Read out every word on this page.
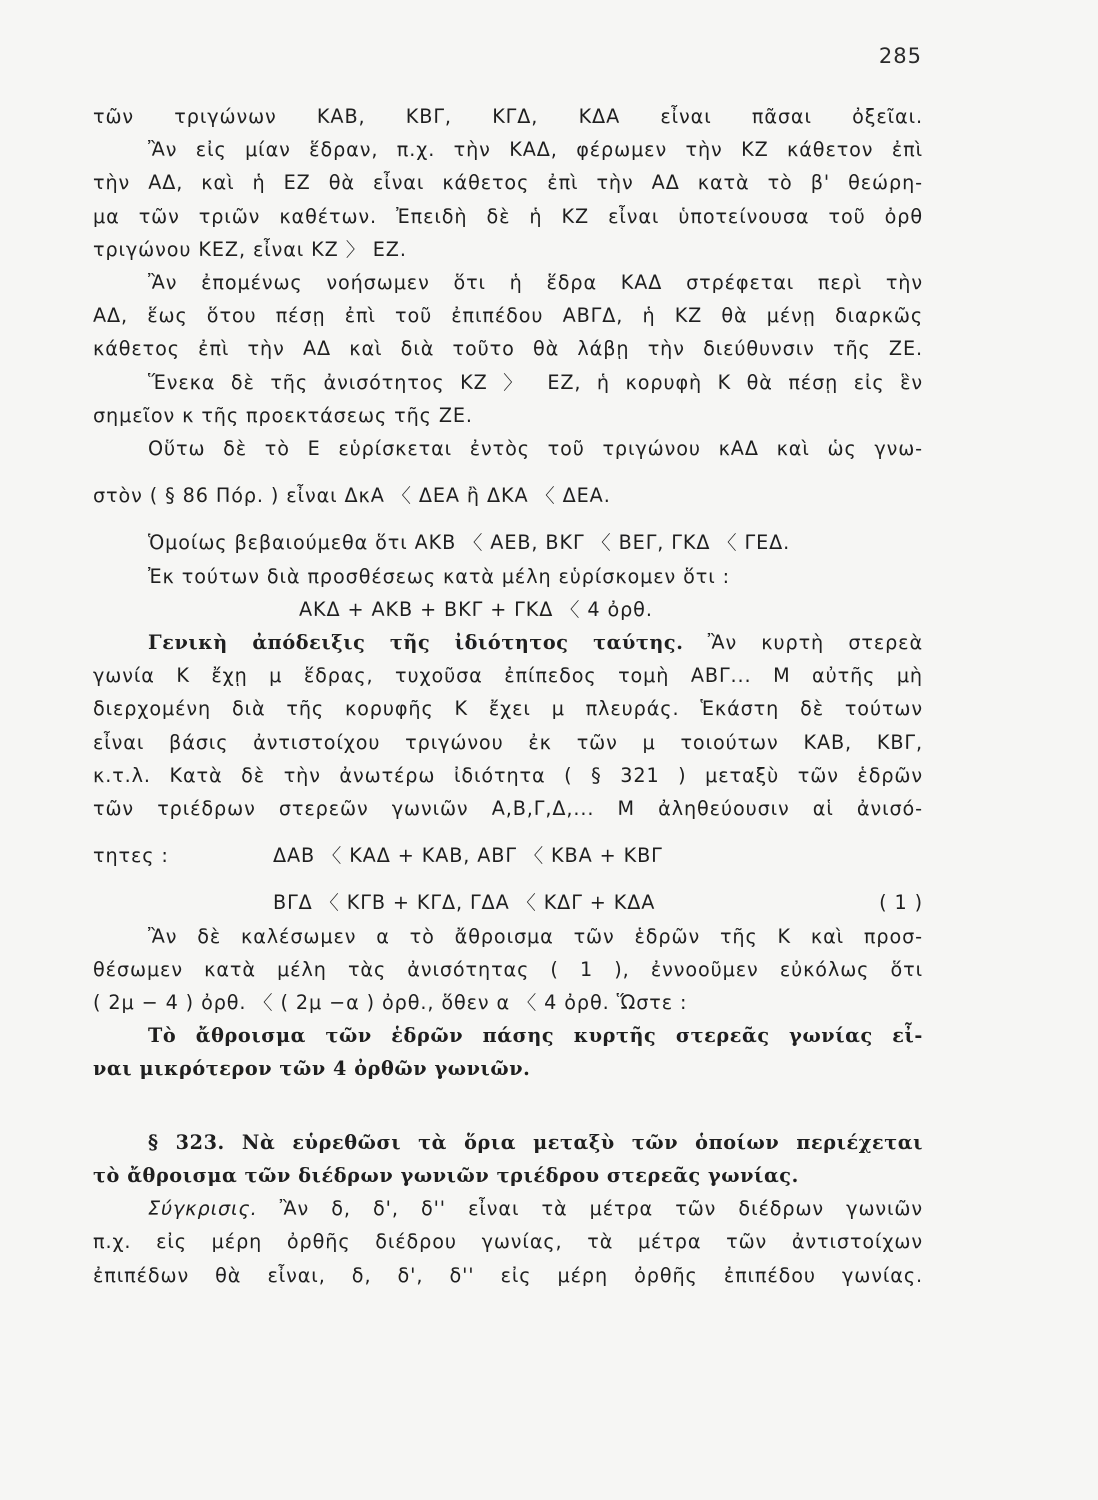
285
τῶν τριγώνων ΚΑΒ, ΚΒΓ, ΚΓΔ, ΚΔΑ εἶναι πᾶσαι ὀξεῖαι.
Ἂν εἰς μίαν ἕδραν, π.χ. τὴν ΚΑΔ, φέρωμεν τὴν ΚΖ κάθετον ἐπὶ
τὴν ΑΔ, καὶ ἡ ΕΖ θὰ εἶναι κάθετος ἐπὶ τὴν ΑΔ κατὰ τὸ β' θεώρη-
μα τῶν τριῶν καθέτων. Ἐπειδὴ δὲ ἡ ΚΖ εἶναι ὑποτείνουσα τοῦ ὀρθ
τριγώνου ΚΕΖ, εἶναι ΚΖ 〉 ΕΖ.
Ἂν ἐπομένως νοήσωμεν ὅτι ἡ ἕδρα ΚΑΔ στρέφεται περὶ τὴν
ΑΔ, ἕως ὅτου πέσῃ ἐπὶ τοῦ ἐπιπέδου ΑΒΓΔ, ἡ ΚΖ θὰ μένῃ διαρκῶς
κάθετος ἐπὶ τὴν ΑΔ καὶ διὰ τοῦτο θὰ λάβῃ τὴν διεύθυνσιν τῆς ΖΕ.
Ἕνεκα δὲ τῆς ἀνισότητος ΚΖ 〉 ΕΖ, ἡ κορυφὴ Κ θὰ πέσῃ εἰς ἓν
σημεῖον κ τῆς προεκτάσεως τῆς ΖΕ.
Οὕτω δὲ τὸ Ε εὑρίσκεται ἐντὸς τοῦ τριγώνου κΑΔ καὶ ὡς γνω-
στὸν ( § 86 Πόρ. ) εἶναι ΔκΑ 〈 ΔΕΑ ἢ ΔΚΑ 〈 ΔΕΑ.
Ὁμοίως βεβαιούμεθα ὅτι ΑΚΒ 〈 ΑΕΒ, ΒΚΓ 〈 ΒΕΓ, ΓΚΔ 〈 ΓΕΔ.
Ἐκ τούτων διὰ προσθέσεως κατὰ μέλη εὑρίσκομεν ὅτι :
ΑΚΔ + ΑΚΒ + ΒΚΓ + ΓΚΔ 〈 4 ὀρθ.
Γενικὴ ἀπόδειξις τῆς ἰδιότητος ταύτης. Ἂν κυρτὴ στερεὰ
γωνία Κ ἔχῃ μ ἕδρας, τυχοῦσα ἐπίπεδος τομὴ ΑΒΓ... Μ αὐτῆς μὴ
διερχομένη διὰ τῆς κορυφῆς Κ ἔχει μ πλευράς. Ἑκάστη δὲ τούτων
εἶναι βάσις ἀντιστοίχου τριγώνου ἐκ τῶν μ τοιούτων ΚΑΒ, ΚΒΓ,
κ.τ.λ. Κατὰ δὲ τὴν ἀνωτέρω ἰδιότητα ( § 321 ) μεταξὺ τῶν ἑδρῶν
τῶν τριέδρων στερεῶν γωνιῶν Α,Β,Γ,Δ,... Μ ἀληθεύουσιν αἱ ἀνισό-
τητες :	ΔΑΒ 〈 ΚΑΔ + ΚΑΒ, ΑΒΓ 〈 ΚΒΑ + ΚΒΓ
ΒΓΔ 〈 ΚΓΒ + ΚΓΔ, ΓΔΑ 〈 ΚΔΓ + ΚΔΑ	( 1 )
Ἂν δὲ καλέσωμεν α τὸ ἄθροισμα τῶν ἑδρῶν τῆς Κ καὶ προσ-
θέσωμεν κατὰ μέλη τὰς ἀνισότητας ( 1 ), ἐννοοῦμεν εὐκόλως ὅτι
( 2μ − 4 ) ὀρθ. 〈 ( 2μ −α ) ὀρθ., ὅθεν α 〈 4 ὀρθ. Ὥστε :
Τὸ ἄθροισμα τῶν ἑδρῶν πάσης κυρτῆς στερεᾶς γωνίας εἶ-
ναι μικρότερον τῶν 4 ὀρθῶν γωνιῶν.
§ 323. Νὰ εὑρεθῶσι τὰ ὅρια μεταξὺ τῶν ὁποίων περιέχεται
τὸ ἄθροισμα τῶν διέδρων γωνιῶν τριέδρου στερεᾶς γωνίας.
Σύγκρισις. Ἂν δ, δ', δ'' εἶναι τὰ μέτρα τῶν διέδρων γωνιῶν
π.χ. εἰς μέρη ὀρθῆς διέδρου γωνίας, τὰ μέτρα τῶν ἀντιστοίχων
ἐπιπέδων θὰ εἶναι, δ, δ', δ'' εἰς μέρη ὀρθῆς ἐπιπέδου γωνίας.
